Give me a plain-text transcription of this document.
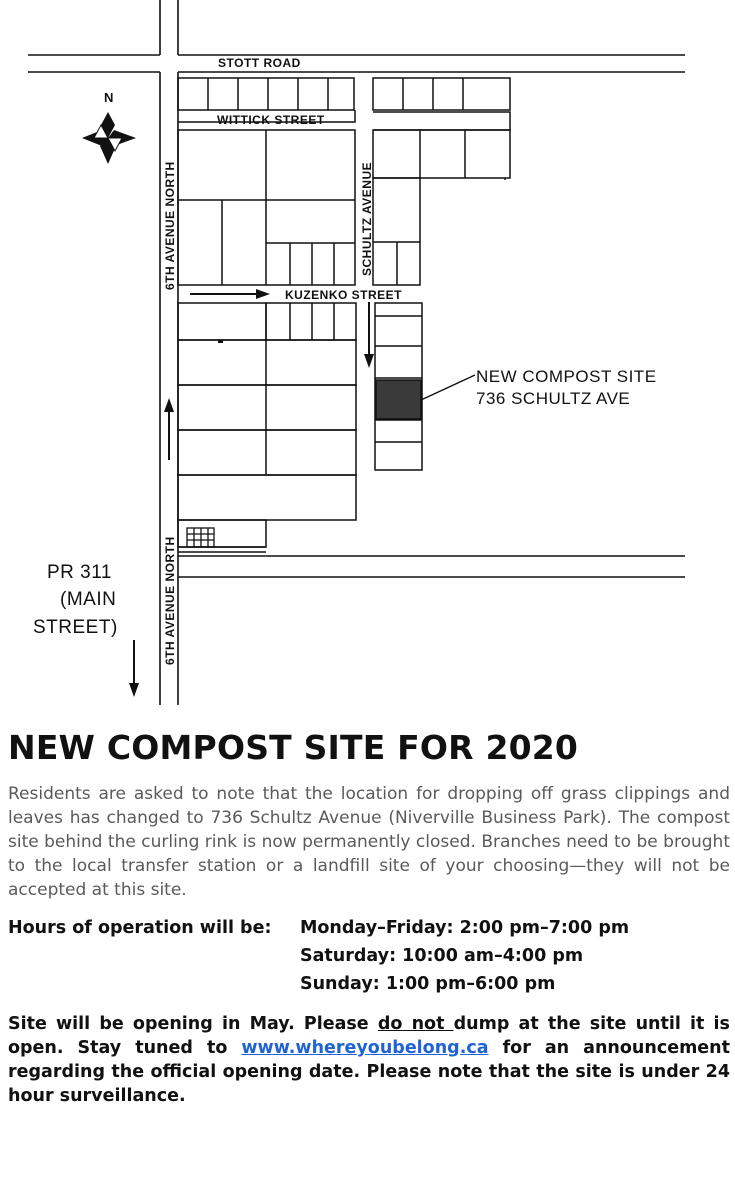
N
STOTT ROAD
WITTICK STREET
KUZENKO STREET
SCHULTZ AVENUE
6TH AVENUE NORTH
6TH AVENUE NORTH
NEW COMPOST SITE
736 SCHULTZ AVE
PR 311
(MAIN
STREET)
NEW COMPOST SITE FOR 2020

Residents are asked to note that the location for dropping off grass clippings and leaves has changed to 736 Schultz Avenue (Niverville Business Park). The compost site behind the curling rink is now permanently closed. Branches need to be brought to the local transfer station or a landfill site of your choosing—they will not be accepted at this site.

Hours of operation will be:	Monday–Friday: 2:00 pm–7:00 pm
Saturday: 10:00 am–4:00 pm
Sunday: 1:00 pm–6:00 pm

Site will be opening in May. Please do not dump at the site until it is open. Stay tuned to www.whereyoubelong.ca for an announcement regarding the official opening date. Please note that the site is under 24 hour surveillance.
